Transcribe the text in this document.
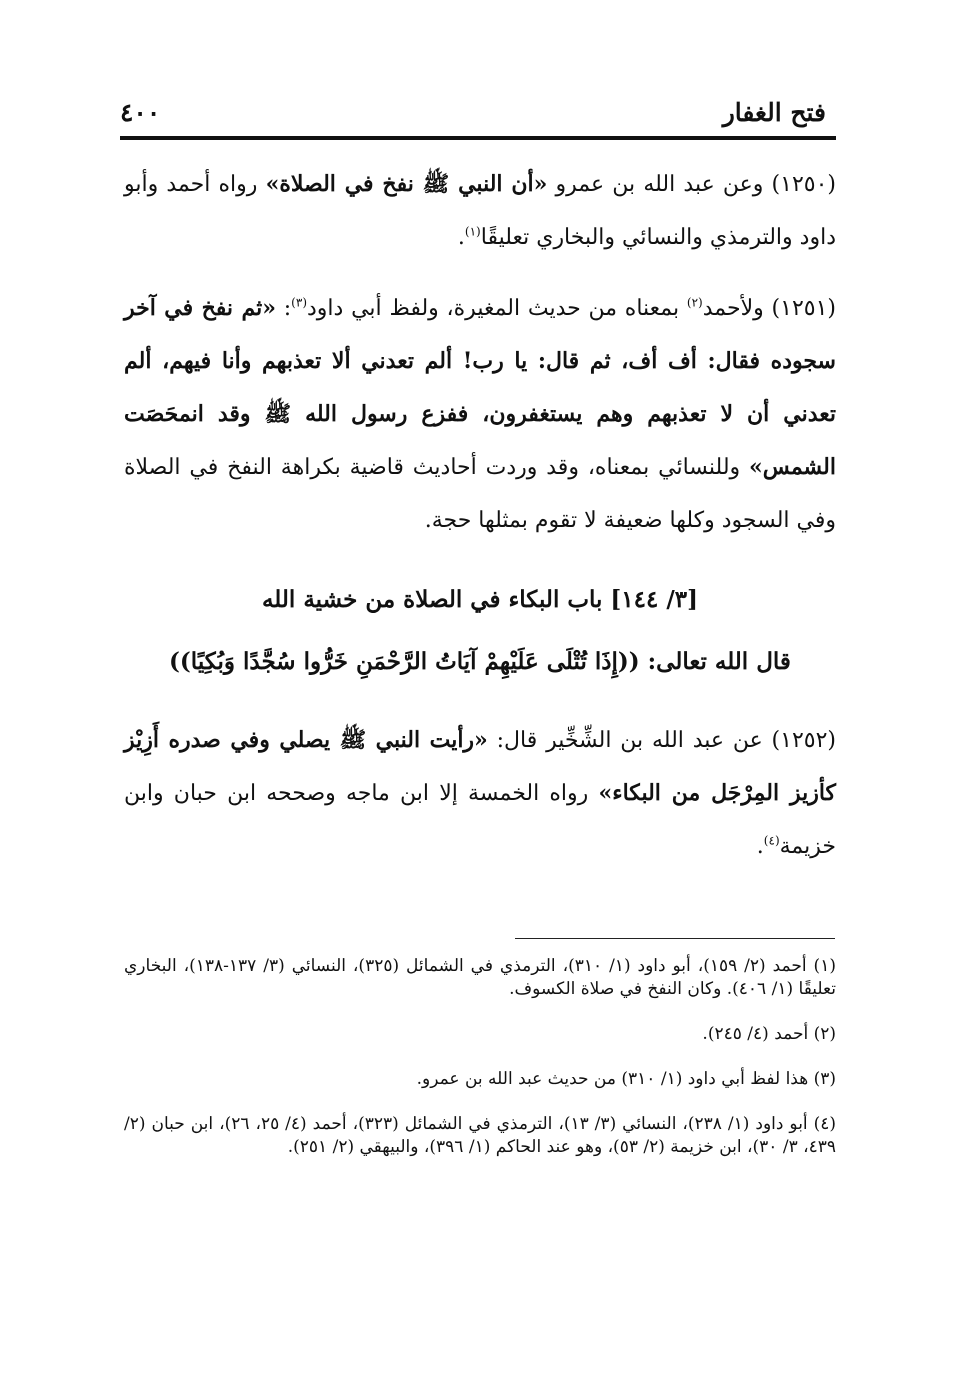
فتح الغفار
٤٠٠
(١٢٥٠) وعن عبد الله بن عمرو «أن النبي ﷺ نفخ في الصلاة» رواه أحمد وأبو داود والترمذي والنسائي والبخاري تعليقًا$^{(١)}$.
(١٢٥١) ولأحمد$^{(٢)}$ بمعناه من حديث المغيرة، ولفظ أبي داود$^{(٣)}$: «ثم نفخ في آخر سجوده فقال: أف أف، ثم قال: يا رب! ألم تعدني ألا تعذبهم وأنا فيهم، ألم تعدني أن لا تعذبهم وهم يستغفرون، ففزع رسول الله ﷺ وقد انمحَصَت الشمس» وللنسائي بمعناه، وقد وردت أحاديث قاضية بكراهة النفخ في الصلاة وفي السجود وكلها ضعيفة لا تقوم بمثلها حجة.
[٣/ ١٤٤] باب البكاء في الصلاة من خشية الله
قال الله تعالى: ((إِذَا تُتْلَى عَلَيْهِمْ آيَاتُ الرَّحْمَنِ خَرُّوا سُجَّدًا وَبُكِيًا))
(١٢٥٢) عن عبد الله بن الشِّخِّير قال: «رأيت النبي ﷺ يصلي وفي صدره أَزِيْز كأزيز المِرْجَل من البكاء» رواه الخمسة إلا ابن ماجه وصححه ابن حبان وابن خزيمة$^{(٤)}$.

(١) أحمد (٢/ ١٥٩)، أبو داود (١/ ٣١٠)، الترمذي في الشمائل (٣٢٥)، النسائي (٣/ ١٣٧-١٣٨)، البخاري تعليقًا (١/ ٤٠٦). وكان النفخ في صلاة الكسوف.

(٢) أحمد (٤/ ٢٤٥).

(٣) هذا لفظ أبي داود (١/ ٣١٠) من حديث عبد الله بن عمرو.

(٤) أبو داود (١/ ٢٣٨)، النسائي (٣/ ١٣)، الترمذي في الشمائل (٣٢٣)، أحمد (٤/ ٢٥، ٢٦)، ابن حبان (٢/ ٤٣٩، ٣/ ٣٠)، ابن خزيمة (٢/ ٥٣)، وهو عند الحاكم (١/ ٣٩٦)، والبيهقي (٢/ ٢٥١).
